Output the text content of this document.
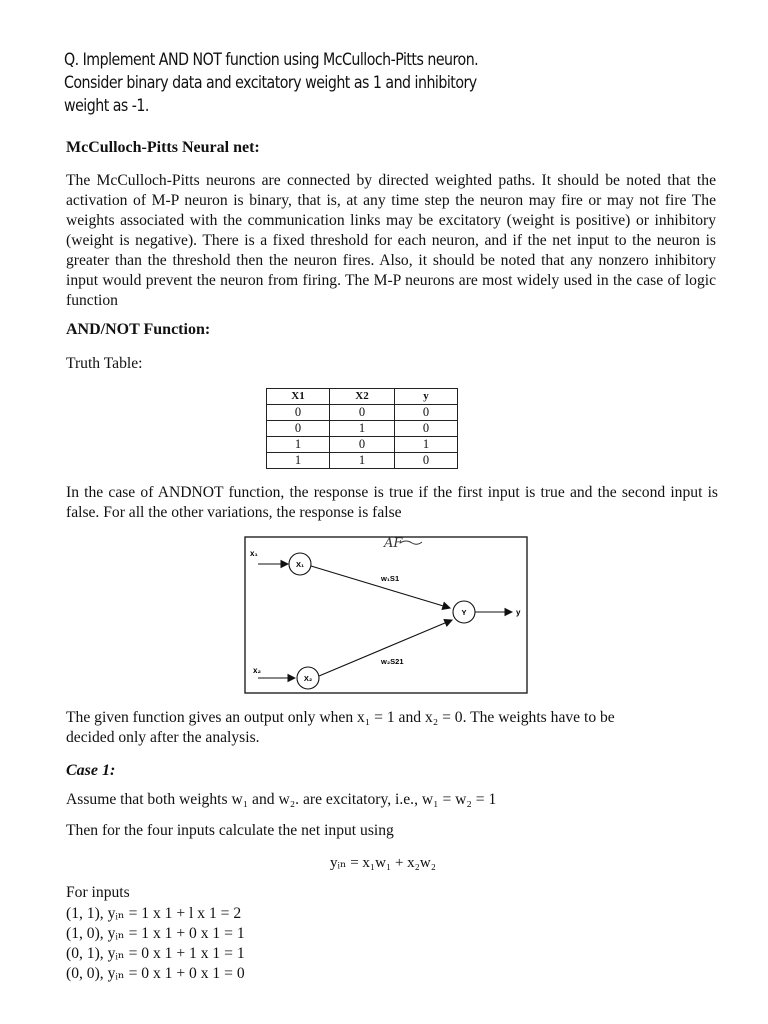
Q. Implement AND NOT function using McCulloch-Pitts neuron.
Consider binary data and excitatory weight as 1 and inhibitory
weight as -1.
McCulloch-Pitts Neural net:
The McCulloch-Pitts neurons are connected by directed weighted paths. It should be noted that the activation of M-P neuron is binary, that is, at any time step the neuron may fire or may not fire The weights associated with the communication links may be excitatory (weight is positive) or inhibitory (weight is negative). There is a fixed threshold for each neuron, and if the net input to the neuron is greater than the threshold then the neuron fires. Also, it should be noted that any nonzero inhibitory input would prevent the neuron from firing. The M-P neurons are most widely used in the case of logic function
AND/NOT Function:
Truth Table:
X1	X2	y
0	0	0
0	1	0
1	0	1
1	1	0
In the case of ANDNOT function, the response is true if the first input is true and the second input is false. For all the other variations, the response is false
x₁
x₂
X₁
X₂
Y	y
w₁S1
w₂S21
AF
The given function gives an output only when x₁ = 1 and x₂ = 0. The weights have to be
decided only after the analysis.
Case 1:
Assume that both weights w₁ and w₂. are excitatory, i.e., w₁ = w₂ = 1
Then for the four inputs calculate the net input using
yᵢₙ = x₁w₁ + x₂w₂
For inputs
(1, 1), yᵢₙ = 1 x 1 + l x 1 = 2
(1, 0), yᵢₙ = 1 x 1 + 0 x 1 = 1
(0, 1), yᵢₙ = 0 x 1 + 1 x 1 = 1
(0, 0), yᵢₙ = 0 x 1 + 0 x 1 = 0
